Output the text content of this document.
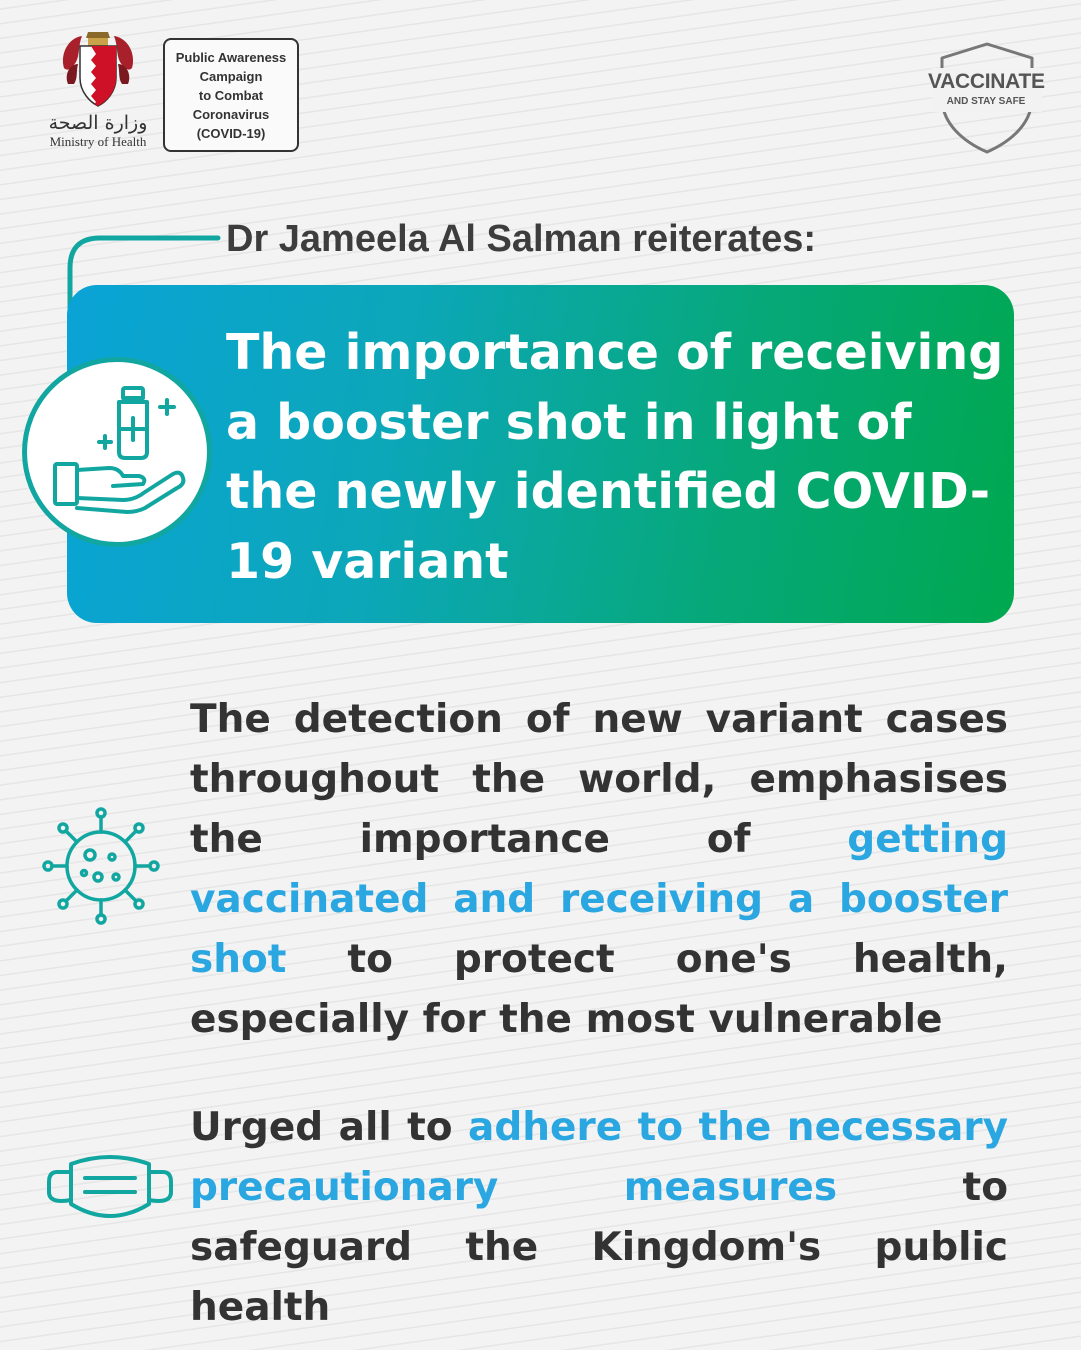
وزارة الصحة
Ministry of Health
Public Awareness
Campaign
to Combat
Coronavirus
(COVID-19)
VACCINATE
AND STAY SAFE
Dr Jameela Al Salman reiterates:
The importance of receiving a booster shot in light of the newly identified COVID-19 variant
The detection of new variant cases throughout the world, emphasises the importance of getting vaccinated and receiving a booster shot to protect one's health, especially for the most vulnerable
Urged all to adhere to the necessary precautionary measures to safeguard the Kingdom's public health
